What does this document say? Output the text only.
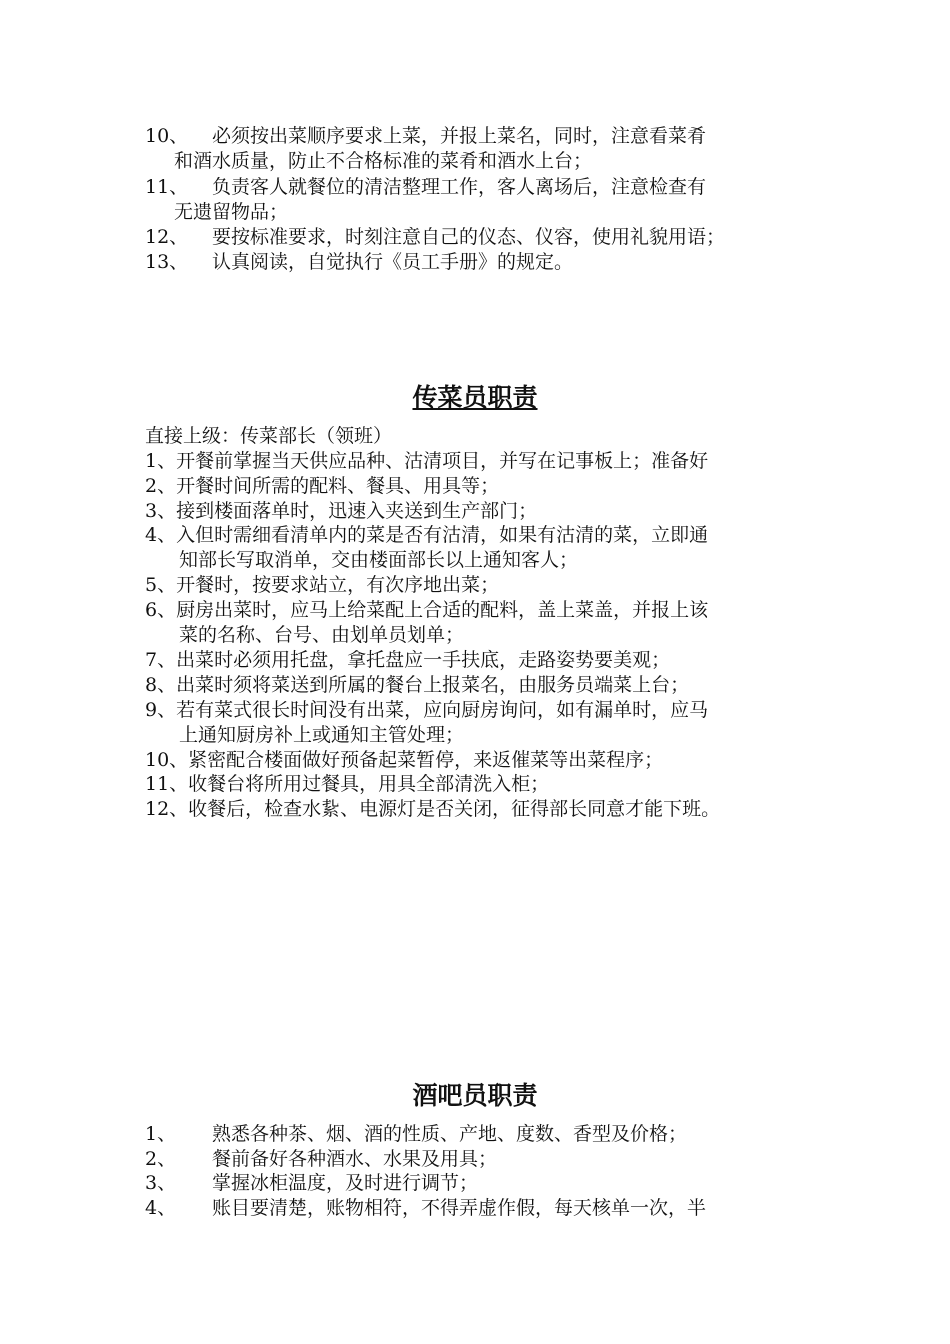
10、 必须按出菜顺序要求上菜，并报上菜名，同时，注意看菜肴
和酒水质量，防止不合格标准的菜肴和酒水上台；
11、 负责客人就餐位的清洁整理工作，客人离场后，注意检查有
无遗留物品；
12、 要按标准要求，时刻注意自己的仪态、仪容，使用礼貌用语；
13、 认真阅读，自觉执行《员工手册》的规定。
传菜员职责
直接上级：传菜部长（领班）
1、开餐前掌握当天供应品种、沽清项目，并写在记事板上；准备好
2、开餐时间所需的配料、餐具、用具等；
3、接到楼面落单时，迅速入夹送到生产部门；
4、入但时需细看清单内的菜是否有沽清，如果有沽清的菜，立即通
知部长写取消单，交由楼面部长以上通知客人；
5、开餐时，按要求站立，有次序地出菜；
6、厨房出菜时，应马上给菜配上合适的配料，盖上菜盖，并报上该
菜的名称、台号、由划单员划单；
7、出菜时必须用托盘，拿托盘应一手扶底，走路姿势要美观；
8、出菜时须将菜送到所属的餐台上报菜名，由服务员端菜上台；
9、若有菜式很长时间没有出菜，应向厨房询问，如有漏单时，应马
上通知厨房补上或通知主管处理；
10、紧密配合楼面做好预备起菜暂停，来返催菜等出菜程序；
11、收餐台将所用过餐具，用具全部清洗入柜；
12、收餐后，检查水紥、电源灯是否关闭，征得部长同意才能下班。
酒吧员职责
1、 熟悉各种茶、烟、酒的性质、产地、度数、香型及价格；
2、 餐前备好各种酒水、水果及用具；
3、 掌握冰柜温度，及时进行调节；
4、 账目要清楚，账物相符，不得弄虚作假，每天核单一次，半
